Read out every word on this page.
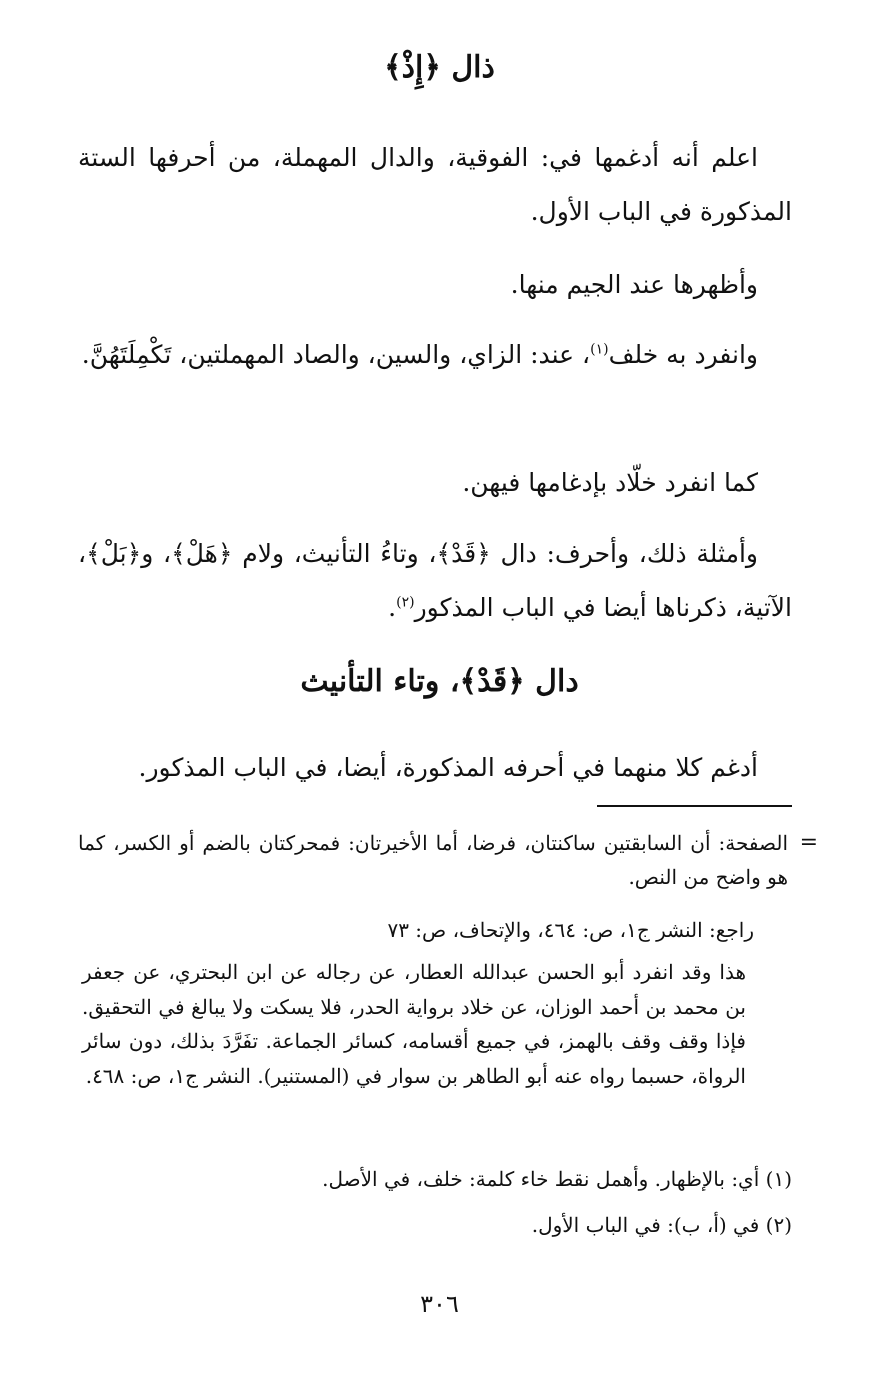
ذال ﴿إِذْ﴾
اعلم أنه أدغمها في: الفوقية، والدال المهملة، من أحرفها الستة المذكورة في الباب الأول.
وأظهرها عند الجيم منها.
وانفرد به خلف$^{(١)}$، عند: الزاي، والسين، والصاد المهملتين، تَكْمِلَتَهُنَّ.
كما انفرد خلّاد بإدغامها فيهن.
وأمثلة ذلك، وأحرف: دال ﴿قَدْ﴾، وتاءُ التأنيث، ولام ﴿هَلْ﴾، و﴿بَلْ﴾، الآتية، ذكرناها أيضا في الباب المذكور$^{(٢)}$.
دال ﴿قَدْ﴾، وتاء التأنيث
أدغم كلا منهما في أحرفه المذكورة، أيضا، في الباب المذكور.
=
الصفحة: أن السابقتين ساكنتان، فرضا، أما الأخيرتان: فمحركتان بالضم أو الكسر، كما هو واضح من النص.
راجع: النشر ج١، ص: ٤٦٤، والإتحاف، ص: ٧٣
هذا وقد انفرد أبو الحسن عبدالله العطار، عن رجاله عن ابن البحتري، عن جعفر بن محمد بن أحمد الوزان، عن خلاد برواية الحدر، فلا يسكت ولا يبالغ في التحقيق. فإذا وقف وقف بالهمز، في جميع أقسامه، كسائر الجماعة. تفَرَّدَ بذلك، دون سائر الرواة، حسبما رواه عنه أبو الطاهر بن سوار في (المستنير). النشر ج١، ص: ٤٦٨.
(١) أي: بالإظهار. وأهمل نقط خاء كلمة: خلف، في الأصل.
(٢) في (أ، ب): في الباب الأول.
٣٠٦
